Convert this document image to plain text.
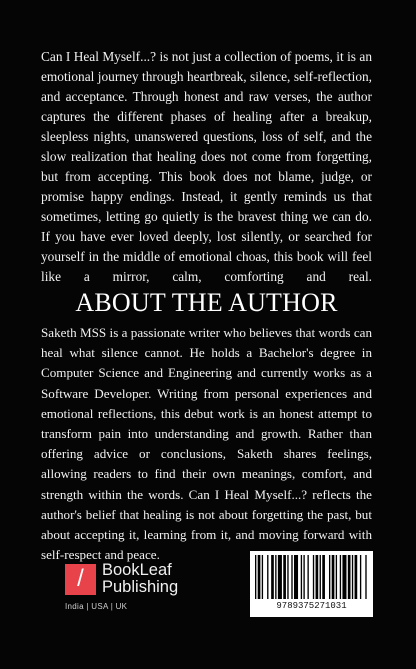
Can I Heal Myself...? is not just a collection of poems, it is an emotional journey through heartbreak, silence, self-reflection, and acceptance. Through honest and raw verses, the author captures the different phases of healing after a breakup, sleepless nights, unanswered questions, loss of self, and the slow realization that healing does not come from forgetting, but from accepting. This book does not blame, judge, or promise happy endings. Instead, it gently reminds us that sometimes, letting go quietly is the bravest thing we can do. If you have ever loved deeply, lost silently, or searched for yourself in the middle of emotional choas, this book will feel like a mirror, calm, comforting and real.

ABOUT THE AUTHOR

Saketh MSS is a passionate writer who believes that words can heal what silence cannot. He holds a Bachelor's degree in Computer Science and Engineering and currently works as a Software Developer. Writing from personal experiences and emotional reflections, this debut work is an honest attempt to transform pain into understanding and growth. Rather than offering advice or conclusions, Saketh shares feelings, allowing readers to find their own meanings, comfort, and strength within the words. Can I Heal Myself...? reflects the author's belief that healing is not about forgetting the past, but about accepting it, learning from it, and moving forward with self-respect and peace.

/	BookLeaf

Publishing

India | USA | UK	9789375271031
